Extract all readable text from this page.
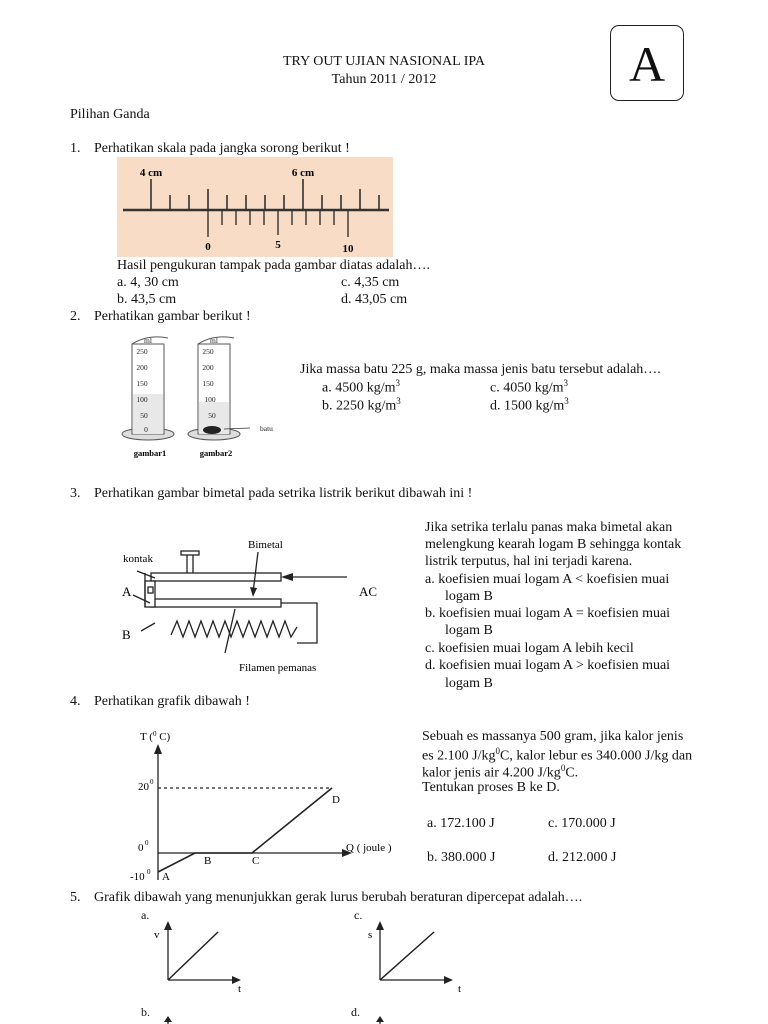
TRY OUT UJIAN NASIONAL IPA
Tahun 2011 / 2012	A
Pilihan Ganda
1. Perhatikan skala pada jangka sorong berikut !
4 cm	6 cm
0	5	10
Hasil pengukuran tampak pada gambar diatas adalah….
a. 4, 30 cm	c. 4,35 cm
b. 43,5 cm	d. 43,05 cm
2. Perhatikan gambar berikut !
ml
250
200
150
100
50
0
ml
250
200
150
100
50
batu
gambar1	gambar2
Jika massa batu 225 g, maka massa jenis batu tersebut adalah….
a. 4500 $kg/m^3$	c. 4050 $kg/m^3$
b. 2250 $kg/m^3$	d. 1500 $kg/m^3$
3. Perhatikan gambar bimetal pada setrika listrik berikut dibawah ini !
Bimetal
kontak
A
B
AC
Filamen pemanas
Jika setrika terlalu panas maka bimetal akan
melengkung kearah logam B sehingga kontak
listrik terputus, hal ini terjadi karena.
a. koefisien muai logam A < koefisien muai
logam B
b. koefisien muai logam A = koefisien muai
logam B
c. koefisien muai logam A lebih kecil
d. koefisien muai logam A > koefisien muai
logam B
4. Perhatikan grafik dibawah !
T ($^0$ C)
Q ( joule )
20 0
0 0
-10 0 A
B	C
D
Sebuah es massanya 500 gram, jika kalor jenis
es 2.100 $J/kg^0C$, kalor lebur es 340.000 J/kg dan
kalor jenis air 4.200 $J/kg^0C$.
Tentukan proses B ke D.
a. 172.100 J	c. 170.000 J
b. 380.000 J	d. 212.000 J
5. Grafik dibawah yang menunjukkan gerak lurus berubah beraturan dipercepat adalah….
a.	c.
b.	d.
v
t
s
t
